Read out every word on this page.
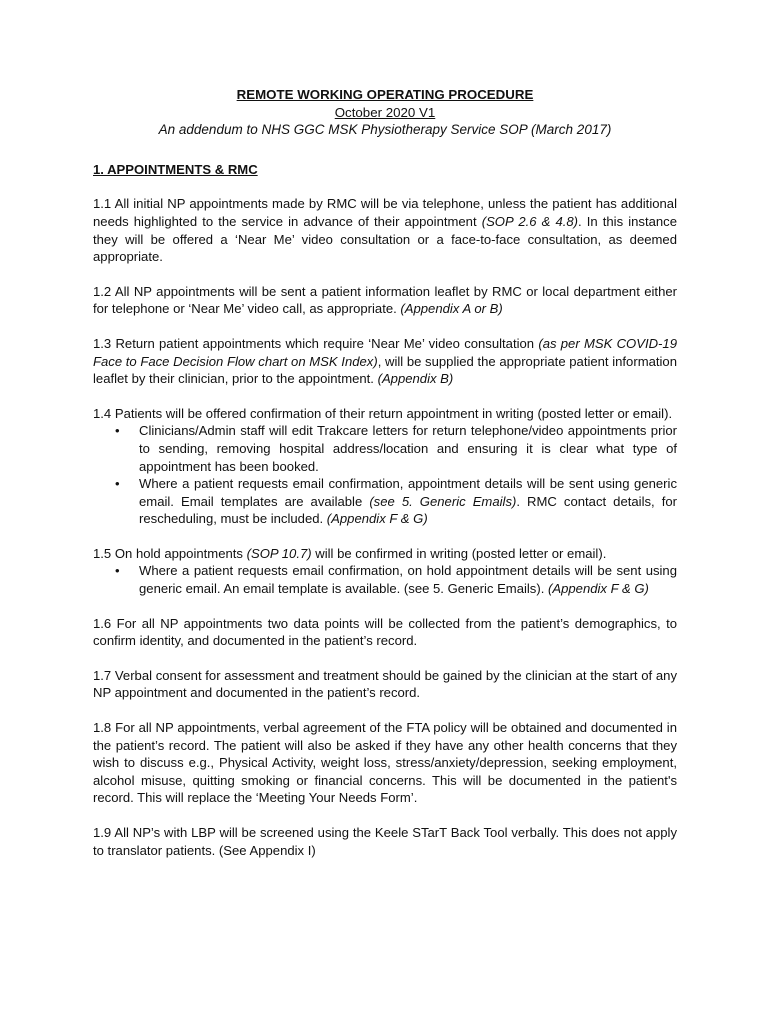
REMOTE WORKING OPERATING PROCEDURE
October 2020 V1
An addendum to NHS GGC MSK Physiotherapy Service SOP (March 2017)
1. APPOINTMENTS & RMC

1.1 All initial NP appointments made by RMC will be via telephone, unless the patient has additional needs highlighted to the service in advance of their appointment (SOP 2.6 & 4.8). In this instance they will be offered a ‘Near Me’ video consultation or a face-to-face consultation, as deemed appropriate.

1.2 All NP appointments will be sent a patient information leaflet by RMC or local department either for telephone or ‘Near Me’ video call, as appropriate. (Appendix A or B)

1.3 Return patient appointments which require ‘Near Me’ video consultation (as per MSK COVID-19 Face to Face Decision Flow chart on MSK Index), will be supplied the appropriate patient information leaflet by their clinician, prior to the appointment. (Appendix B)

1.4 Patients will be offered confirmation of their return appointment in writing (posted letter or email).

• Clinicians/Admin staff will edit Trakcare letters for return telephone/video appointments prior to sending, removing hospital address/location and ensuring it is clear what type of appointment has been booked.
• Where a patient requests email confirmation, appointment details will be sent using generic email. Email templates are available (see 5. Generic Emails). RMC contact details, for rescheduling, must be included. (Appendix F & G)

1.5 On hold appointments (SOP 10.7) will be confirmed in writing (posted letter or email).

• Where a patient requests email confirmation, on hold appointment details will be sent using generic email. An email template is available. (see 5. Generic Emails). (Appendix F & G)

1.6 For all NP appointments two data points will be collected from the patient’s demographics, to confirm identity, and documented in the patient’s record.

1.7 Verbal consent for assessment and treatment should be gained by the clinician at the start of any NP appointment and documented in the patient’s record.

1.8 For all NP appointments, verbal agreement of the FTA policy will be obtained and documented in the patient’s record. The patient will also be asked if they have any other health concerns that they wish to discuss e.g., Physical Activity, weight loss, stress/anxiety/depression, seeking employment, alcohol misuse, quitting smoking or financial concerns. This will be documented in the patient's record. This will replace the ‘Meeting Your Needs Form’.

1.9 All NP’s with LBP will be screened using the Keele STarT Back Tool verbally. This does not apply to translator patients. (See Appendix I)
